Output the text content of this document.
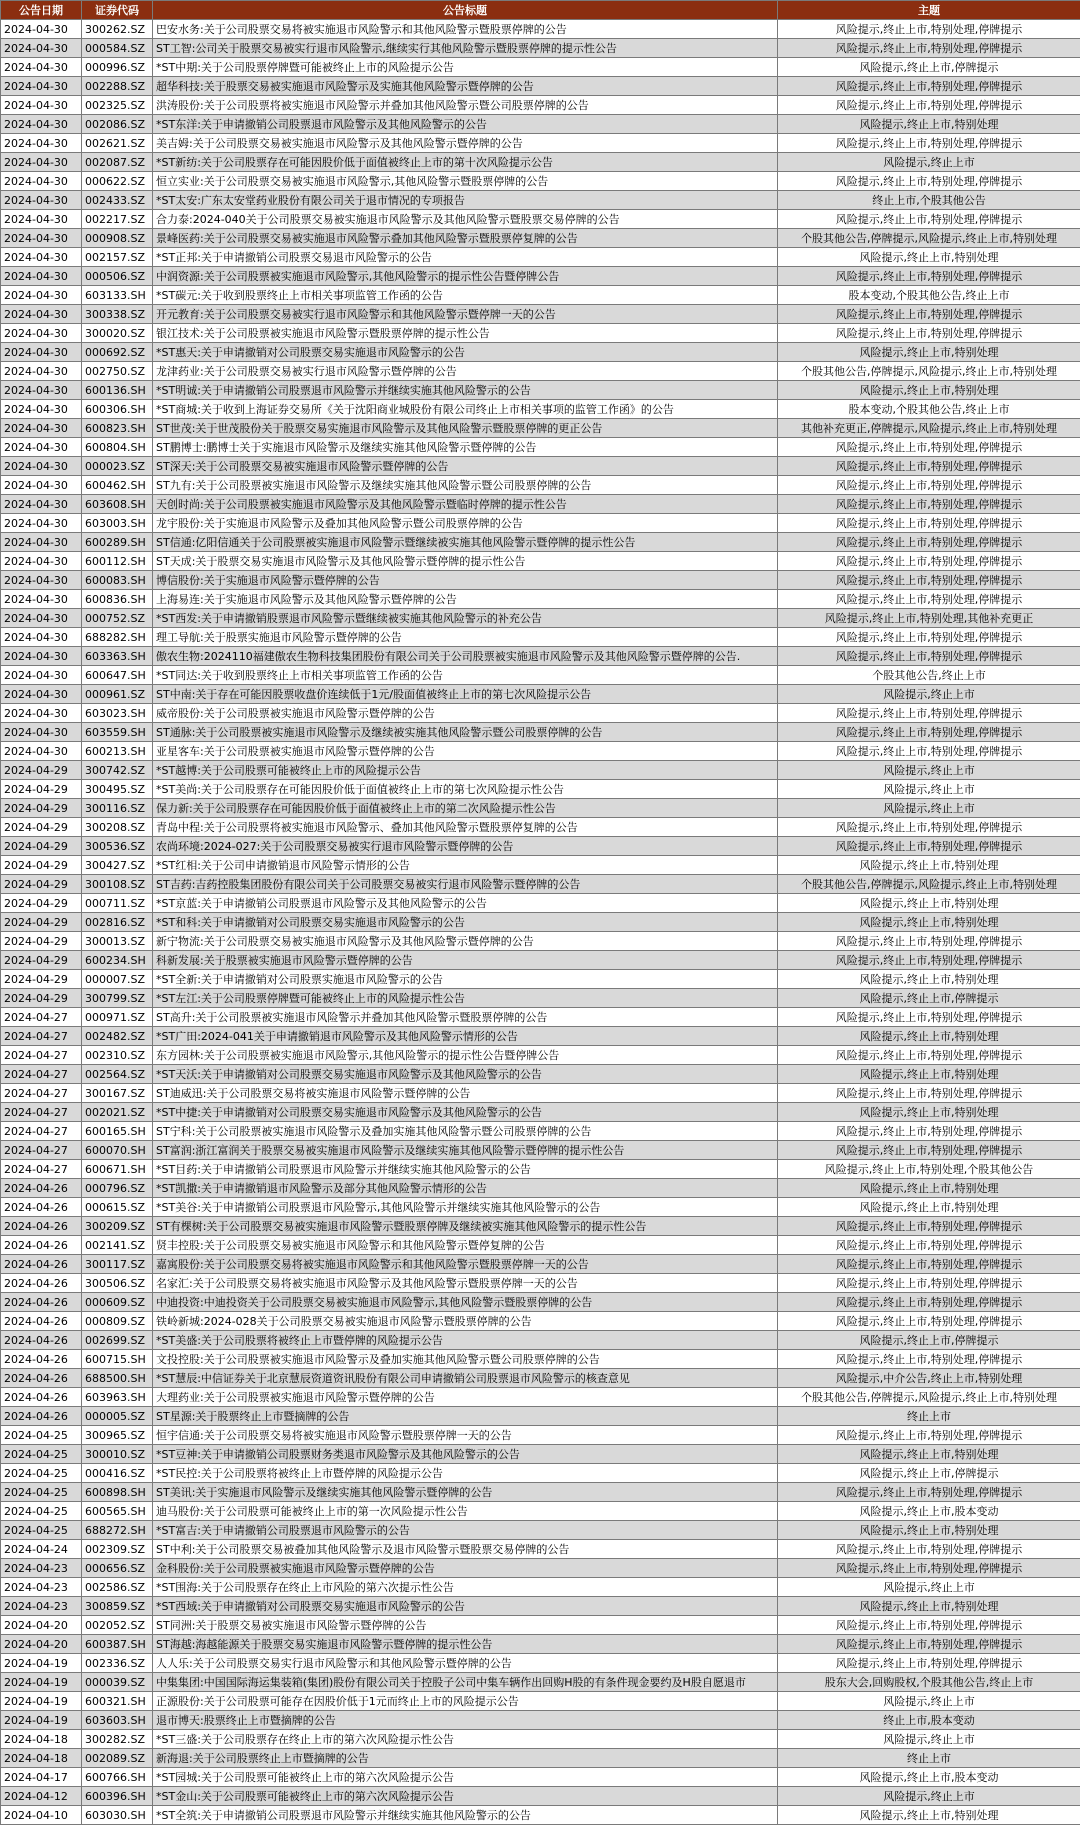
公告日期	证券代码	公告标题	主题
2024-04-30	300262.SZ	巴安水务:关于公司股票交易将被实施退市风险警示和其他风险警示暨股票停牌的公告	风险提示,终止上市,特别处理,停牌提示
2024-04-30	000584.SZ	ST工智:公司关于股票交易被实行退市风险警示,继续实行其他风险警示暨股票停牌的提示性公告	风险提示,终止上市,特别处理,停牌提示
2024-04-30	000996.SZ	*ST中期:关于公司股票停牌暨可能被终止上市的风险提示公告	风险提示,终止上市,停牌提示
2024-04-30	002288.SZ	超华科技:关于股票交易被实施退市风险警示及实施其他风险警示暨停牌的公告	风险提示,终止上市,特别处理,停牌提示
2024-04-30	002325.SZ	洪涛股份:关于公司股票将被实施退市风险警示并叠加其他风险警示暨公司股票停牌的公告	风险提示,终止上市,特别处理,停牌提示
2024-04-30	002086.SZ	*ST东洋:关于申请撤销公司股票退市风险警示及其他风险警示的公告	风险提示,终止上市,特别处理
2024-04-30	002621.SZ	美吉姆:关于公司股票交易被实施退市风险警示及其他风险警示暨停牌的公告	风险提示,终止上市,特别处理,停牌提示
2024-04-30	002087.SZ	*ST新纺:关于公司股票存在可能因股价低于面值被终止上市的第十次风险提示公告	风险提示,终止上市
2024-04-30	000622.SZ	恒立实业:关于公司股票交易被实施退市风险警示,其他风险警示暨股票停牌的公告	风险提示,终止上市,特别处理,停牌提示
2024-04-30	002433.SZ	*ST太安:广东太安堂药业股份有限公司关于退市情况的专项报告	终止上市,个股其他公告
2024-04-30	002217.SZ	合力泰:2024-040关于公司股票交易被实施退市风险警示及其他风险警示暨股票交易停牌的公告	风险提示,终止上市,特别处理,停牌提示
2024-04-30	000908.SZ	景峰医药:关于公司股票交易被实施退市风险警示叠加其他风险警示暨股票停复牌的公告	个股其他公告,停牌提示,风险提示,终止上市,特别处理
2024-04-30	002157.SZ	*ST正邦:关于申请撤销公司股票交易退市风险警示的公告	风险提示,终止上市,特别处理
2024-04-30	000506.SZ	中润资源:关于公司股票被实施退市风险警示,其他风险警示的提示性公告暨停牌公告	风险提示,终止上市,特别处理,停牌提示
2024-04-30	603133.SH	*ST碳元:关于收到股票终止上市相关事项监管工作函的公告	股本变动,个股其他公告,终止上市
2024-04-30	300338.SZ	开元教育:关于公司股票交易被实行退市风险警示和其他风险警示暨停牌一天的公告	风险提示,终止上市,特别处理,停牌提示
2024-04-30	300020.SZ	银江技术:关于公司股票被实施退市风险警示暨股票停牌的提示性公告	风险提示,终止上市,特别处理,停牌提示
2024-04-30	000692.SZ	*ST惠天:关于申请撤销对公司股票交易实施退市风险警示的公告	风险提示,终止上市,特别处理
2024-04-30	002750.SZ	龙津药业:关于公司股票交易被实行退市风险警示暨停牌的公告	个股其他公告,停牌提示,风险提示,终止上市,特别处理
2024-04-30	600136.SH	*ST明诚:关于申请撤销公司股票退市风险警示并继续实施其他风险警示的公告	风险提示,终止上市,特别处理
2024-04-30	600306.SH	*ST商城:关于收到上海证券交易所《关于沈阳商业城股份有限公司终止上市相关事项的监管工作函》的公告	股本变动,个股其他公告,终止上市
2024-04-30	600823.SH	ST世茂:关于世茂股份关于股票交易实施退市风险警示及其他风险警示暨股票停牌的更正公告	其他补充更正,停牌提示,风险提示,终止上市,特别处理
2024-04-30	600804.SH	ST鹏博士:鹏博士关于实施退市风险警示及继续实施其他风险警示暨停牌的公告	风险提示,终止上市,特别处理,停牌提示
2024-04-30	000023.SZ	ST深天:关于公司股票交易被实施退市风险警示暨停牌的公告	风险提示,终止上市,特别处理,停牌提示
2024-04-30	600462.SH	ST九有:关于公司股票被实施退市风险警示及继续实施其他风险警示暨公司股票停牌的公告	风险提示,终止上市,特别处理,停牌提示
2024-04-30	603608.SH	天创时尚:关于公司股票被实施退市风险警示及其他风险警示暨临时停牌的提示性公告	风险提示,终止上市,特别处理,停牌提示
2024-04-30	603003.SH	龙宇股份:关于实施退市风险警示及叠加其他风险警示暨公司股票停牌的公告	风险提示,终止上市,特别处理,停牌提示
2024-04-30	600289.SH	ST信通:亿阳信通关于公司股票被实施退市风险警示暨继续被实施其他风险警示暨停牌的提示性公告	风险提示,终止上市,特别处理,停牌提示
2024-04-30	600112.SH	ST天成:关于股票交易实施退市风险警示及其他风险警示暨停牌的提示性公告	风险提示,终止上市,特别处理,停牌提示
2024-04-30	600083.SH	博信股份:关于实施退市风险警示暨停牌的公告	风险提示,终止上市,特别处理,停牌提示
2024-04-30	600836.SH	上海易连:关于实施退市风险警示及其他风险警示暨停牌的公告	风险提示,终止上市,特别处理,停牌提示
2024-04-30	000752.SZ	*ST西发:关于申请撤销股票退市风险警示暨继续被实施其他风险警示的补充公告	风险提示,终止上市,特别处理,其他补充更正
2024-04-30	688282.SH	理工导航:关于股票实施退市风险警示暨停牌的公告	风险提示,终止上市,特别处理,停牌提示
2024-04-30	603363.SH	傲农生物:2024110福建傲农生物科技集团股份有限公司关于公司股票被实施退市风险警示及其他风险警示暨停牌的公告.	风险提示,终止上市,特别处理,停牌提示
2024-04-30	600647.SH	*ST同达:关于收到股票终止上市相关事项监管工作函的公告	个股其他公告,终止上市
2024-04-30	000961.SZ	ST中南:关于存在可能因股票收盘价连续低于1元/股面值被终止上市的第七次风险提示公告	风险提示,终止上市
2024-04-30	603023.SH	威帝股份:关于公司股票被实施退市风险警示暨停牌的公告	风险提示,终止上市,特别处理,停牌提示
2024-04-30	603559.SH	ST通脉:关于公司股票被实施退市风险警示及继续被实施其他风险警示暨公司股票停牌的公告	风险提示,终止上市,特别处理,停牌提示
2024-04-30	600213.SH	亚星客车:关于公司股票被实施退市风险警示暨停牌的公告	风险提示,终止上市,特别处理,停牌提示
2024-04-29	300742.SZ	*ST越博:关于公司股票可能被终止上市的风险提示公告	风险提示,终止上市
2024-04-29	300495.SZ	*ST美尚:关于公司股票存在可能因股价低于面值被终止上市的第七次风险提示性公告	风险提示,终止上市
2024-04-29	300116.SZ	保力新:关于公司股票存在可能因股价低于面值被终止上市的第二次风险提示性公告	风险提示,终止上市
2024-04-29	300208.SZ	青岛中程:关于公司股票将被实施退市风险警示、叠加其他风险警示暨股票停复牌的公告	风险提示,终止上市,特别处理,停牌提示
2024-04-29	300536.SZ	农尚环境:2024-027:关于公司股票交易被实行退市风险警示暨停牌的公告	风险提示,终止上市,特别处理,停牌提示
2024-04-29	300427.SZ	*ST红相:关于公司申请撤销退市风险警示情形的公告	风险提示,终止上市,特别处理
2024-04-29	300108.SZ	ST吉药:吉药控股集团股份有限公司关于公司股票交易被实行退市风险警示暨停牌的公告	个股其他公告,停牌提示,风险提示,终止上市,特别处理
2024-04-29	000711.SZ	*ST京蓝:关于申请撤销公司股票退市风险警示及其他风险警示的公告	风险提示,终止上市,特别处理
2024-04-29	002816.SZ	*ST和科:关于申请撤销对公司股票交易实施退市风险警示的公告	风险提示,终止上市,特别处理
2024-04-29	300013.SZ	新宁物流:关于公司股票交易被实施退市风险警示及其他风险警示暨停牌的公告	风险提示,终止上市,特别处理,停牌提示
2024-04-29	600234.SH	科新发展:关于股票被实施退市风险警示暨停牌的公告	风险提示,终止上市,特别处理,停牌提示
2024-04-29	000007.SZ	*ST全新:关于申请撤销对公司股票实施退市风险警示的公告	风险提示,终止上市,特别处理
2024-04-29	300799.SZ	*ST左江:关于公司股票停牌暨可能被终止上市的风险提示性公告	风险提示,终止上市,停牌提示
2024-04-27	000971.SZ	ST高升:关于公司股票被实施退市风险警示并叠加其他风险警示暨股票停牌的公告	风险提示,终止上市,特别处理,停牌提示
2024-04-27	002482.SZ	*ST广田:2024-041关于申请撤销退市风险警示及其他风险警示情形的公告	风险提示,终止上市,特别处理
2024-04-27	002310.SZ	东方园林:关于公司股票被实施退市风险警示,其他风险警示的提示性公告暨停牌公告	风险提示,终止上市,特别处理,停牌提示
2024-04-27	002564.SZ	*ST天沃:关于申请撤销对公司股票交易实施退市风险警示及其他风险警示的公告	风险提示,终止上市,特别处理
2024-04-27	300167.SZ	ST迪威迅:关于公司股票交易将被实施退市风险警示暨停牌的公告	风险提示,终止上市,特别处理,停牌提示
2024-04-27	002021.SZ	*ST中捷:关于申请撤销对公司股票交易实施退市风险警示及其他风险警示的公告	风险提示,终止上市,特别处理
2024-04-27	600165.SH	ST宁科:关于公司股票被实施退市风险警示及叠加实施其他风险警示暨公司股票停牌的公告	风险提示,终止上市,特别处理,停牌提示
2024-04-27	600070.SH	ST富润:浙江富润关于股票交易被实施退市风险警示及继续实施其他风险警示暨停牌的提示性公告	风险提示,终止上市,特别处理,停牌提示
2024-04-27	600671.SH	*ST目药:关于申请撤销公司股票退市风险警示并继续实施其他风险警示的公告	风险提示,终止上市,特别处理,个股其他公告
2024-04-26	000796.SZ	*ST凯撒:关于申请撤销退市风险警示及部分其他风险警示情形的公告	风险提示,终止上市,特别处理
2024-04-26	000615.SZ	*ST美谷:关于申请撤销公司股票退市风险警示,其他风险警示并继续实施其他风险警示的公告	风险提示,终止上市,特别处理
2024-04-26	300209.SZ	ST有棵树:关于公司股票交易被实施退市风险警示暨股票停牌及继续被实施其他风险警示的提示性公告	风险提示,终止上市,特别处理,停牌提示
2024-04-26	002141.SZ	贤丰控股:关于公司股票交易被实施退市风险警示和其他风险警示暨停复牌的公告	风险提示,终止上市,特别处理,停牌提示
2024-04-26	300117.SZ	嘉寓股份:关于公司股票交易将被实施退市风险警示和其他风险警示暨股票停牌一天的公告	风险提示,终止上市,特别处理,停牌提示
2024-04-26	300506.SZ	名家汇:关于公司股票交易将被实施退市风险警示及其他风险警示暨股票停牌一天的公告	风险提示,终止上市,特别处理,停牌提示
2024-04-26	000609.SZ	中迪投资:中迪投资关于公司股票交易被实施退市风险警示,其他风险警示暨股票停牌的公告	风险提示,终止上市,特别处理,停牌提示
2024-04-26	000809.SZ	铁岭新城:2024-028关于公司股票交易被实施退市风险警示暨股票停牌的公告	风险提示,终止上市,特别处理,停牌提示
2024-04-26	002699.SZ	*ST美盛:关于公司股票将被终止上市暨停牌的风险提示公告	风险提示,终止上市,停牌提示
2024-04-26	600715.SH	文投控股:关于公司股票被实施退市风险警示及叠加实施其他风险警示暨公司股票停牌的公告	风险提示,终止上市,特别处理,停牌提示
2024-04-26	688500.SH	*ST慧辰:中信证券关于北京慧辰资道资讯股份有限公司申请撤销公司股票退市风险警示的核查意见	风险提示,中介公告,终止上市,特别处理
2024-04-26	603963.SH	大理药业:关于公司股票被实施退市风险警示暨停牌的公告	个股其他公告,停牌提示,风险提示,终止上市,特别处理
2024-04-26	000005.SZ	ST星源:关于股票终止上市暨摘牌的公告	终止上市
2024-04-25	300965.SZ	恒宇信通:关于公司股票交易将被实施退市风险警示暨股票停牌一天的公告	风险提示,终止上市,特别处理,停牌提示
2024-04-25	300010.SZ	*ST豆神:关于申请撤销公司股票财务类退市风险警示及其他风险警示的公告	风险提示,终止上市,特别处理
2024-04-25	000416.SZ	*ST民控:关于公司股票将被终止上市暨停牌的风险提示公告	风险提示,终止上市,停牌提示
2024-04-25	600898.SH	ST美讯:关于实施退市风险警示及继续实施其他风险警示暨停牌的公告	风险提示,终止上市,特别处理,停牌提示
2024-04-25	600565.SH	迪马股份:关于公司股票可能被终止上市的第一次风险提示性公告	风险提示,终止上市,股本变动
2024-04-25	688272.SH	*ST富吉:关于申请撤销公司股票退市风险警示的公告	风险提示,终止上市,特别处理
2024-04-24	002309.SZ	ST中利:关于公司股票交易被叠加其他风险警示及退市风险警示暨股票交易停牌的公告	风险提示,终止上市,特别处理,停牌提示
2024-04-23	000656.SZ	金科股份:关于公司股票被实施退市风险警示暨停牌的公告	风险提示,终止上市,特别处理,停牌提示
2024-04-23	002586.SZ	*ST围海:关于公司股票存在终止上市风险的第六次提示性公告	风险提示,终止上市
2024-04-23	300859.SZ	*ST西域:关于申请撤销对公司股票交易实施退市风险警示的公告	风险提示,终止上市,特别处理
2024-04-20	002052.SZ	ST同洲:关于股票交易被实施退市风险警示暨停牌的公告	风险提示,终止上市,特别处理,停牌提示
2024-04-20	600387.SH	ST海越:海越能源关于股票交易实施退市风险警示暨停牌的提示性公告	风险提示,终止上市,特别处理,停牌提示
2024-04-19	002336.SZ	人人乐:关于公司股票交易实行退市风险警示和其他风险警示暨停牌的公告	风险提示,终止上市,特别处理,停牌提示
2024-04-19	000039.SZ	中集集团:中国国际海运集装箱(集团)股份有限公司关于控股子公司中集车辆作出回购H股的有条件现金要约及H股自愿退市	股东大会,回购股权,个股其他公告,终止上市
2024-04-19	600321.SH	正源股份:关于公司股票可能存在因股价低于1元而终止上市的风险提示公告	风险提示,终止上市
2024-04-19	603603.SH	退市博天:股票终止上市暨摘牌的公告	终止上市,股本变动
2024-04-18	300282.SZ	*ST三盛:关于公司股票存在终止上市的第六次风险提示性公告	风险提示,终止上市
2024-04-18	002089.SZ	新海退:关于公司股票终止上市暨摘牌的公告	终止上市
2024-04-17	600766.SH	*ST园城:关于公司股票可能被终止上市的第六次风险提示公告	风险提示,终止上市,股本变动
2024-04-12	600396.SH	*ST金山:关于公司股票可能被终止上市的第六次风险提示公告	风险提示,终止上市
2024-04-10	603030.SH	*ST全筑:关于申请撤销公司股票退市风险警示并继续实施其他风险警示的公告	风险提示,终止上市,特别处理
